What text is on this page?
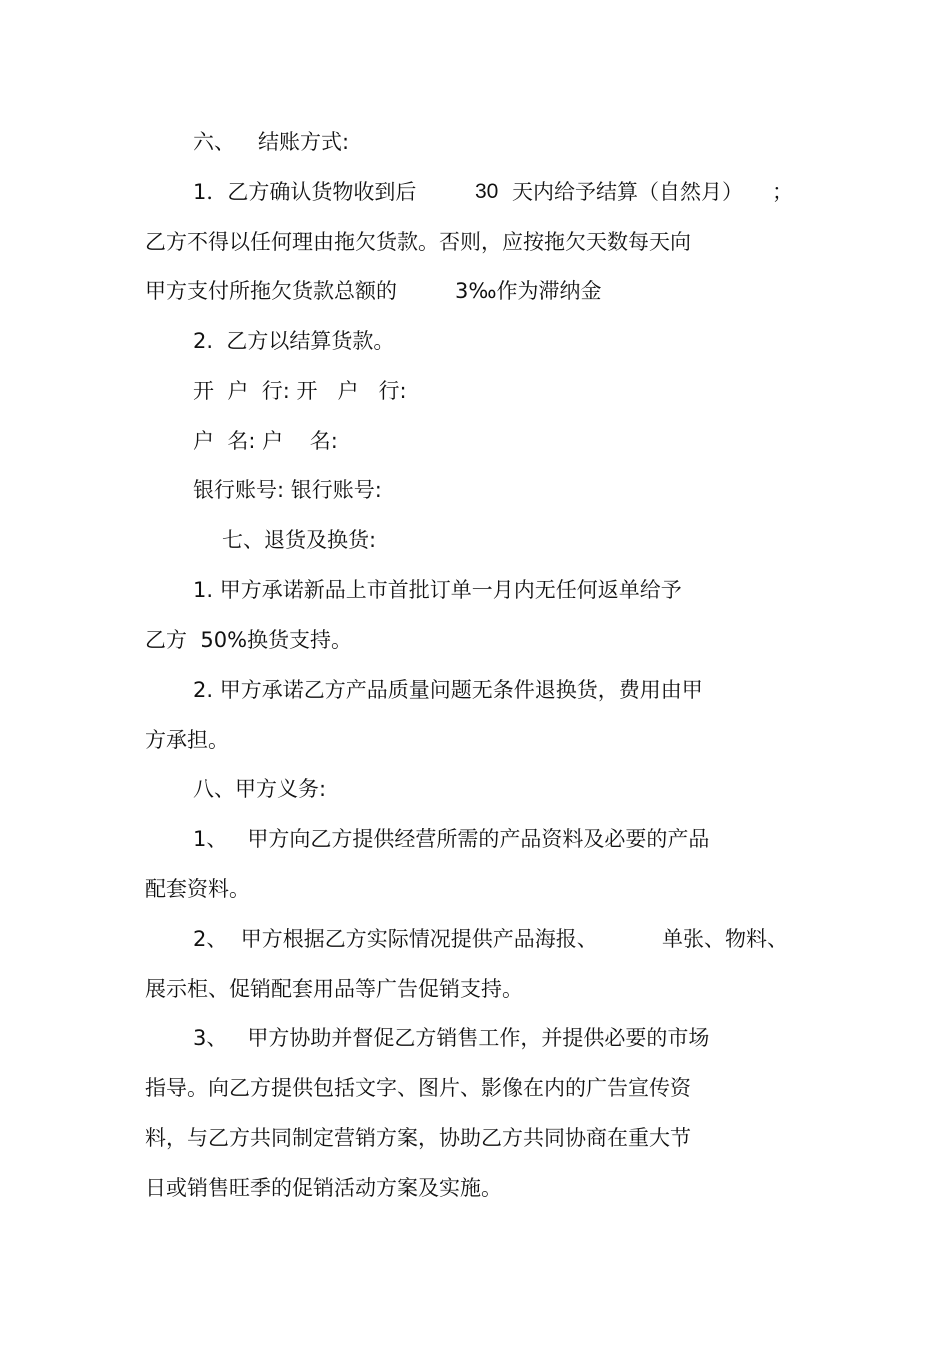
六、 结账方式:
1．乙方确认货物收到后	30 天内给予结算（自然月） ；
乙方不得以任何理由拖欠货款。否则，应按拖欠天数每天向
甲方支付所拖欠货款总额的	3‰作为滞纳金
2.  乙方以结算货款。
开  户  行: 开   户   行:
户  名: 户    名:
银行账号: 银行账号:
七、退货及换货:
1. 甲方承诺新品上市首批订单一月内无任何返单给予
乙方  50%换货支持。
2. 甲方承诺乙方产品质量问题无条件退换货，费用由甲
方承担。
八、甲方义务:
1、   甲方向乙方提供经营所需的产品资料及必要的产品
配套资料。
2、  甲方根据乙方实际情况提供产品海报、	单张、物料、
展示柜、促销配套用品等广告促销支持。
3、   甲方协助并督促乙方销售工作，并提供必要的市场
指导。向乙方提供包括文字、图片、影像在内的广告宣传资
料，与乙方共同制定营销方案，协助乙方共同协商在重大节
日或销售旺季的促销活动方案及实施。
